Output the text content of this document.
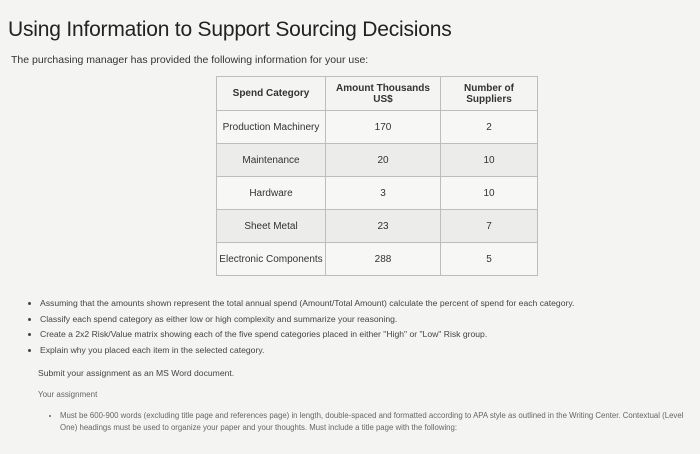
Using Information to Support Sourcing Decisions
The purchasing manager has provided the following information for your use:
Spend Category	Amount Thousands US$	Number of Suppliers
Production Machinery	170	2
Maintenance	20	10
Hardware	3	10
Sheet Metal	23	7
Electronic Components	288	5
• Assuming that the amounts shown represent the total annual spend (Amount/Total Amount) calculate the percent of spend for each category.
• Classify each spend category as either low or high complexity and summarize your reasoning.
• Create a 2x2 Risk/Value matrix showing each of the five spend categories placed in either "High" or "Low" Risk group.
• Explain why you placed each item in the selected category.
Submit your assignment as an MS Word document.
Your assignment
• Must be 600-900 words (excluding title page and references page) in length, double-spaced and formatted according to APA style as outlined in the Writing Center. Contextual (Level One) headings must be used to organize your paper and your thoughts. Must include a title page with the following:
